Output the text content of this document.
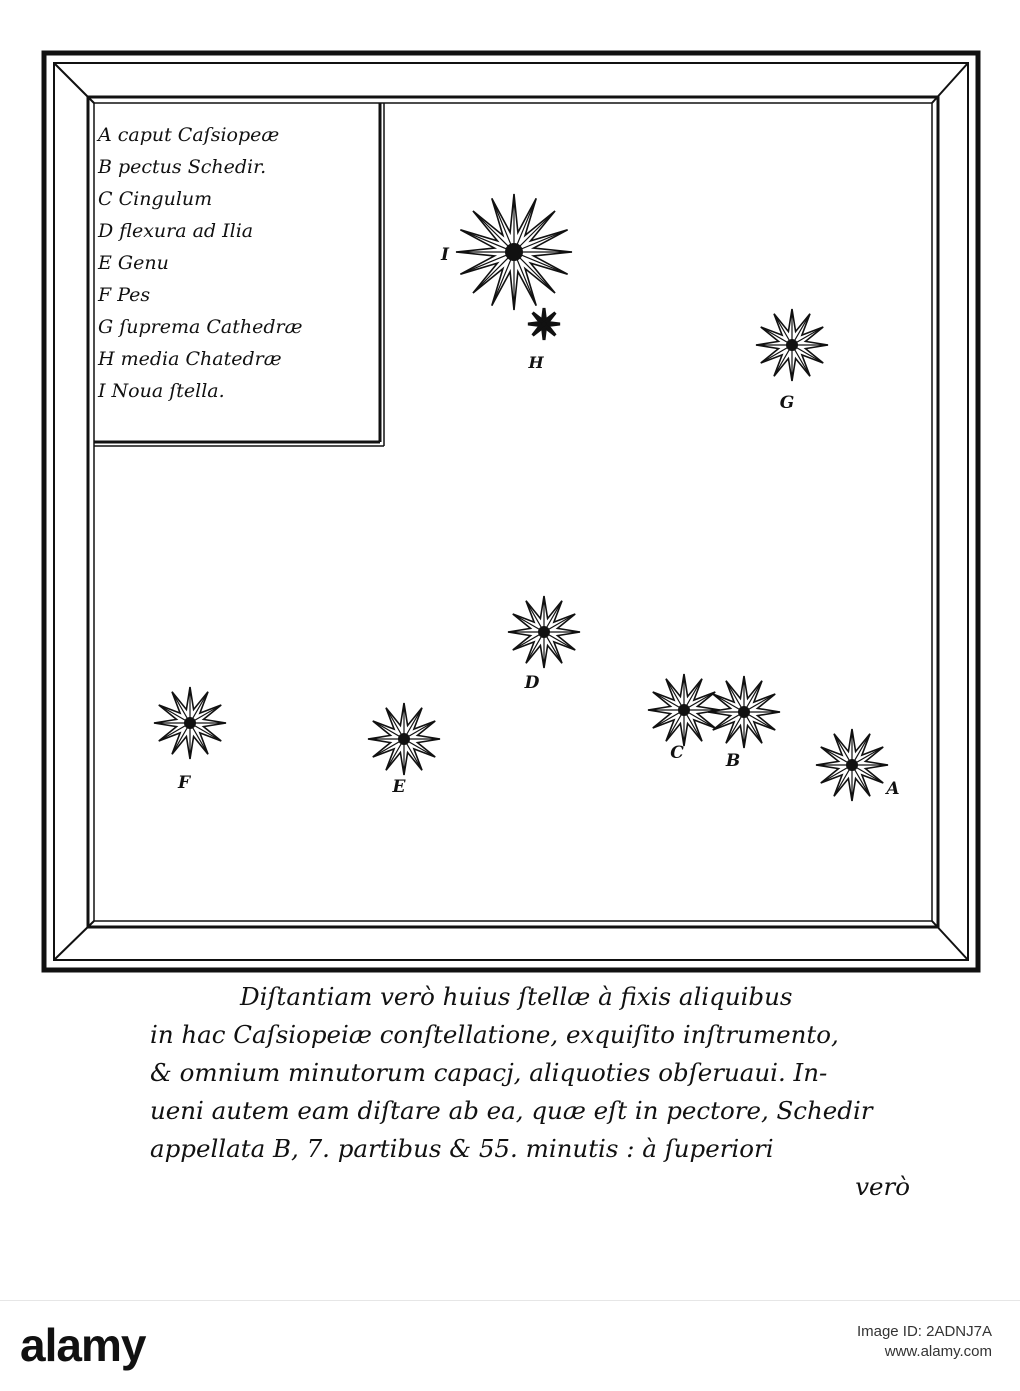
I
H
G
D
C B
A
F	E
A caput Caſsiopeæ
B pectus Schedir.
C Cingulum
D flexura ad Ilia
E Genu
F Pes
G ſuprema Cathedræ
H media Chatedræ
I Noua ſtella.
Diſtantiam verò huius ſtellæ à fixis aliquibus
in hac Caſsiopeiæ conſtellatione, exquiſito inſtrumento,
& omnium minutorum capacj, aliquoties obſeruaui. In-
ueni autem eam diſtare ab ea, quæ eſt in pectore, Schedir
appellata B, 7. partibus & 55. minutis : à ſuperiori
verò
alamy	Image ID: 2ADNJ7A
www.alamy.com
